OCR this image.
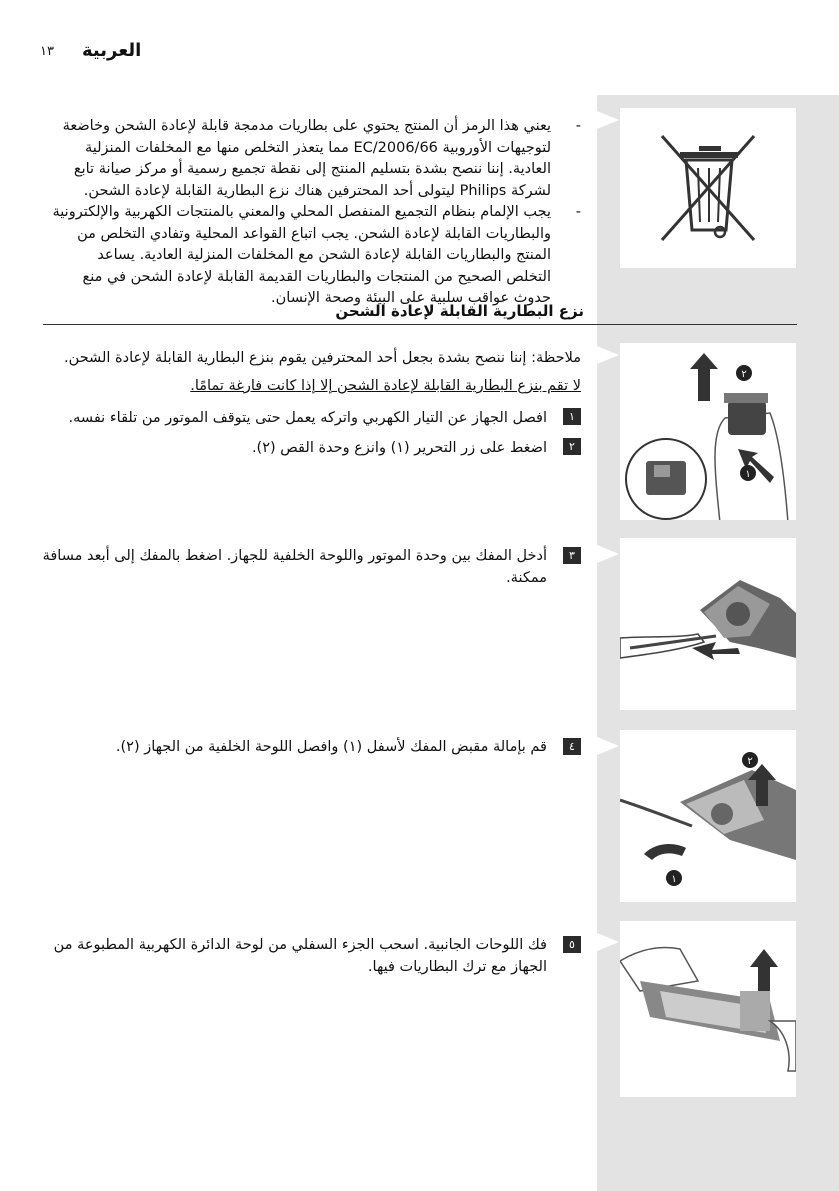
العربية
١٣
٢
١
٢
١
-
يعني هذا الرمز أن المنتج يحتوي على بطاريات مدمجة قابلة لإعادة الشحن وخاضعة لتوجيهات الأوروبية 2006/66/EC مما يتعذر التخلص منها مع المخلفات المنزلية العادية. إننا ننصح بشدة بتسليم المنتج إلى نقطة تجميع رسمية أو مركز صيانة تابع لشركة Philips ليتولى أحد المحترفين هناك نزع البطارية القابلة لإعادة الشحن.
-
يجب الإلمام بنظام التجميع المنفصل المحلي والمعني بالمنتجات الكهربية والإلكترونية والبطاريات القابلة لإعادة الشحن. يجب اتباع القواعد المحلية وتفادي التخلص من المنتج والبطاريات القابلة لإعادة الشحن مع المخلفات المنزلية العادية. يساعد التخلص الصحيح من المنتجات والبطاريات القديمة القابلة لإعادة الشحن في منع حدوث عواقب سلبية على البيئة وصحة الإنسان.
نزع البطارية القابلة لإعادة الشحن
ملاحظة: إننا ننصح بشدة بجعل أحد المحترفين يقوم بنزع البطارية القابلة لإعادة الشحن.
لا تقم بنزع البطارية القابلة لإعادة الشحن إلا إذا كانت فارغة تمامًا.
١
افصل الجهاز عن التيار الكهربي واتركه يعمل حتى يتوقف الموتور من تلقاء نفسه.
٢
اضغط على زر التحرير (١) وانزع وحدة القص (٢).
٣
أدخل المفك بين وحدة الموتور واللوحة الخلفية للجهاز. اضغط بالمفك إلى أبعد مسافة ممكنة.
٤
قم بإمالة مقبض المفك لأسفل (١) وافصل اللوحة الخلفية من الجهاز (٢).
٥
فك اللوحات الجانبية. اسحب الجزء السفلي من لوحة الدائرة الكهربية المطبوعة من الجهاز مع ترك البطاريات فيها.
